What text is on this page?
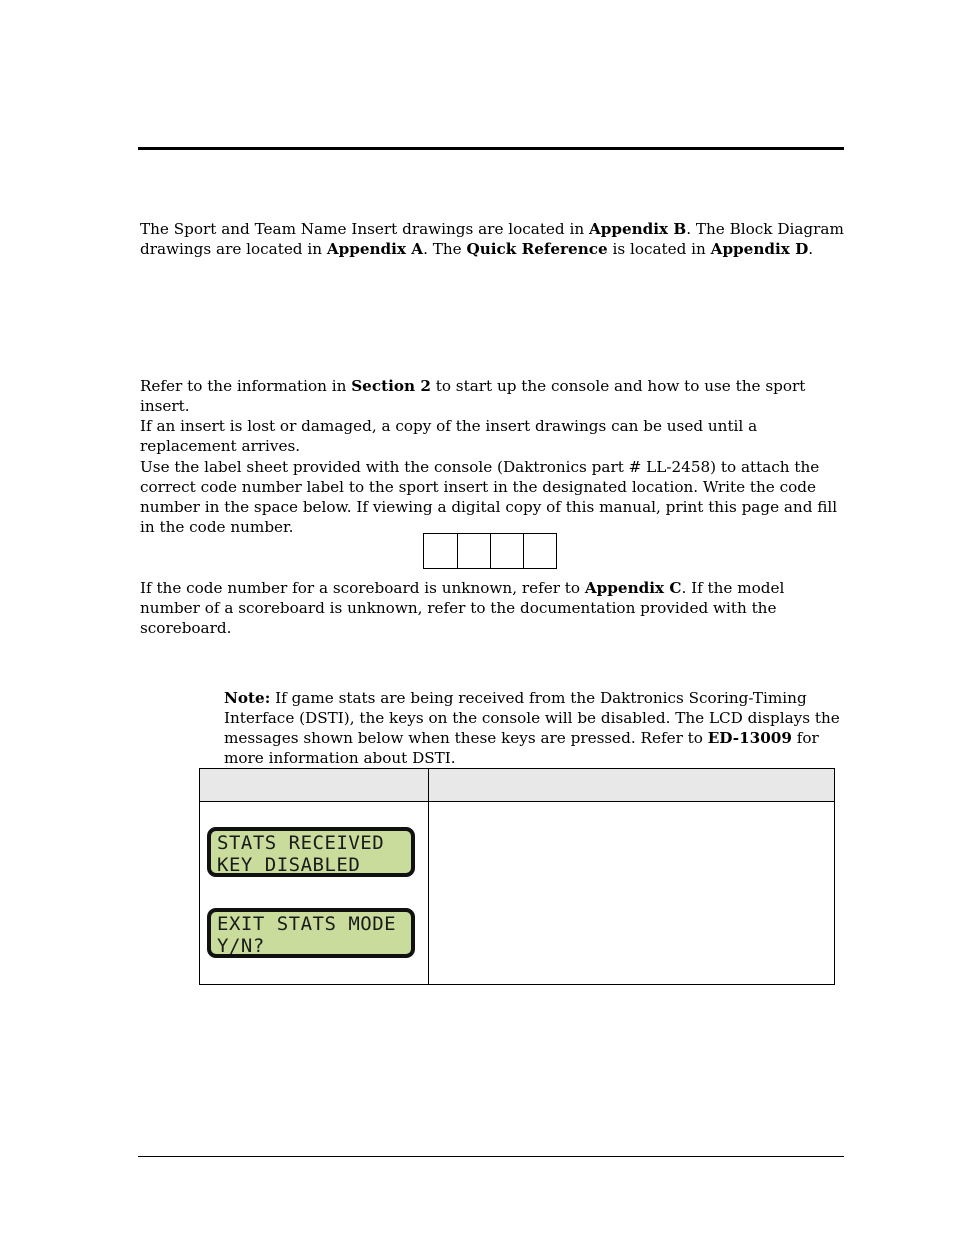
The Sport and Team Name Insert drawings are located in Appendix B. The Block Diagram drawings are located in Appendix A. The Quick Reference is located in Appendix D.

Refer to the information in Section 2 to start up the console and how to use the sport insert.

If an insert is lost or damaged, a copy of the insert drawings can be used until a replacement arrives.

Use the label sheet provided with the console (Daktronics part # LL-2458) to attach the correct code number label to the sport insert in the designated location. Write the code number in the space below. If viewing a digital copy of this manual, print this page and fill in the code number.

If the code number for a scoreboard is unknown, refer to Appendix C. If the model number of a scoreboard is unknown, refer to the documentation provided with the scoreboard.

Note: If game stats are being received from the Daktronics Scoring-Timing Interface (DSTI), the keys on the console will be disabled. The LCD displays the messages shown below when these keys are pressed. Refer to ED-13009 for more information about DSTI.

STATS RECEIVED
KEY DISABLED
EXIT STATS MODE
Y/N?	
